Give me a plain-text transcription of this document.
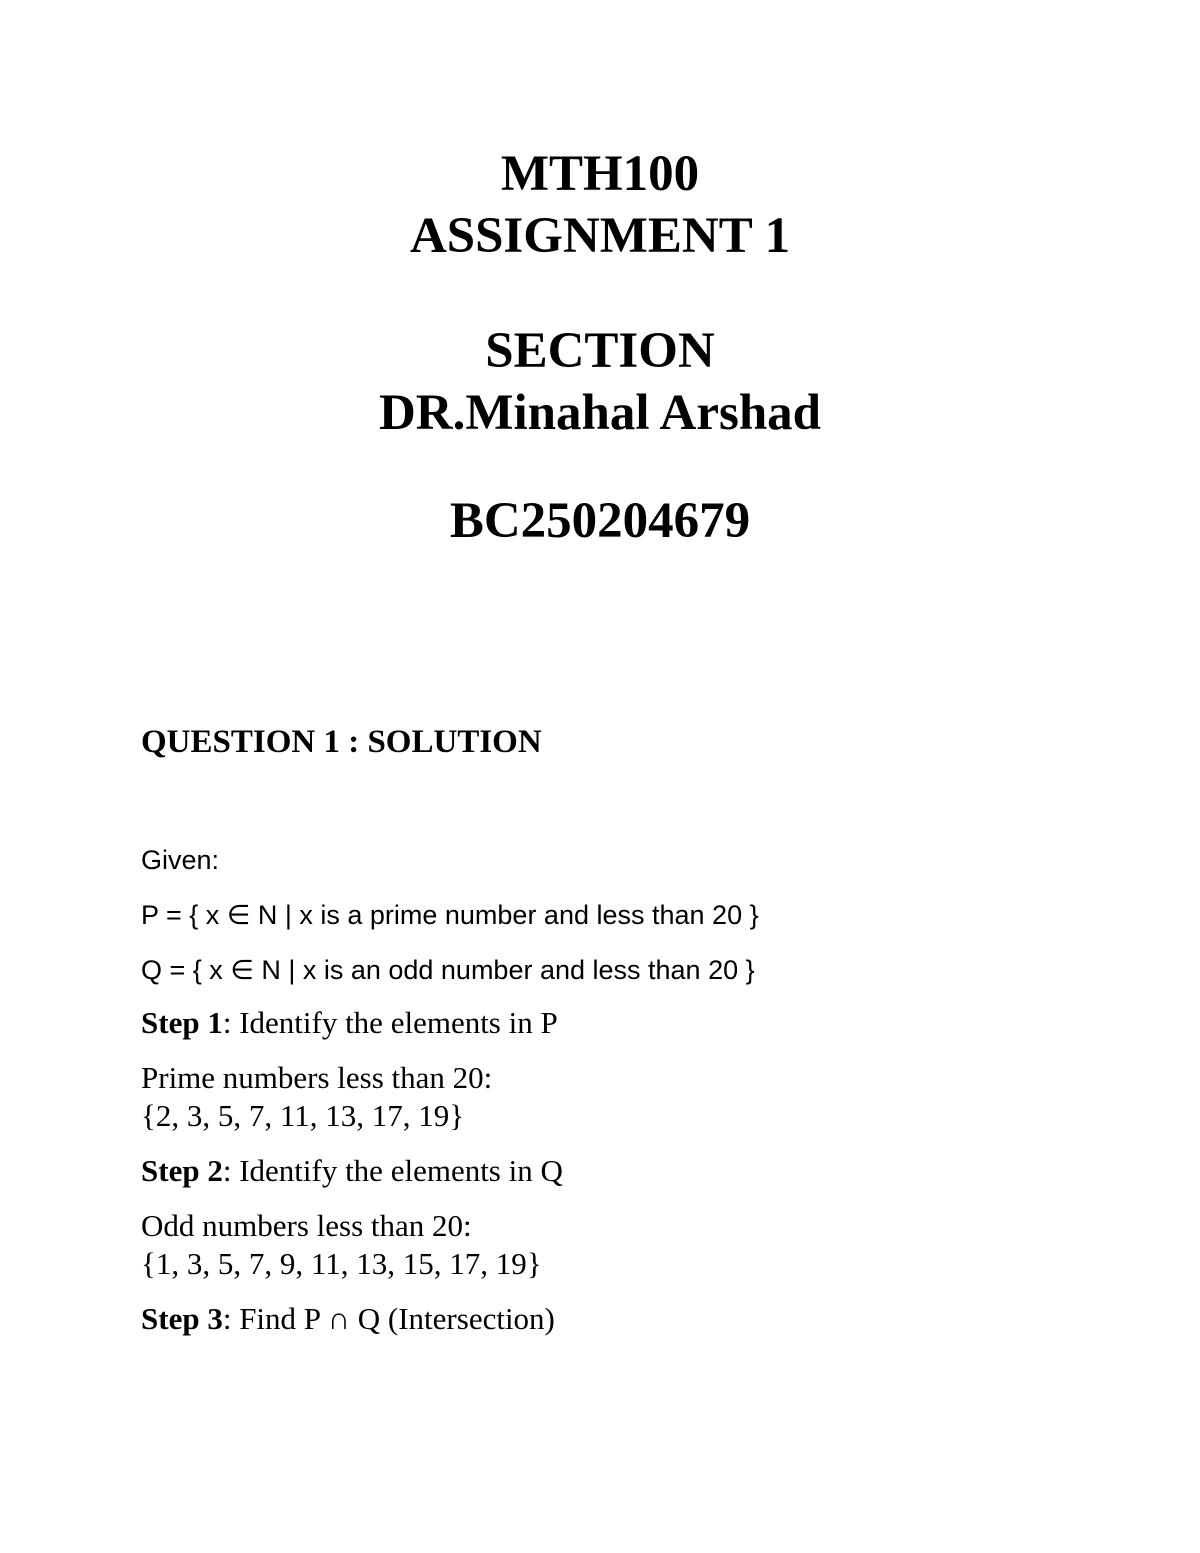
MTH100
ASSIGNMENT 1
SECTION
DR.Minahal Arshad
BC250204679
QUESTION 1 : SOLUTION
Given:
P = { x ∈ N | x is a prime number and less than 20 }
Q = { x ∈ N | x is an odd number and less than 20 }
Step 1: Identify the elements in P
Prime numbers less than 20:
{2, 3, 5, 7, 11, 13, 17, 19}
Step 2: Identify the elements in Q
Odd numbers less than 20:
{1, 3, 5, 7, 9, 11, 13, 15, 17, 19}
Step 3: Find P ∩ Q (Intersection)
